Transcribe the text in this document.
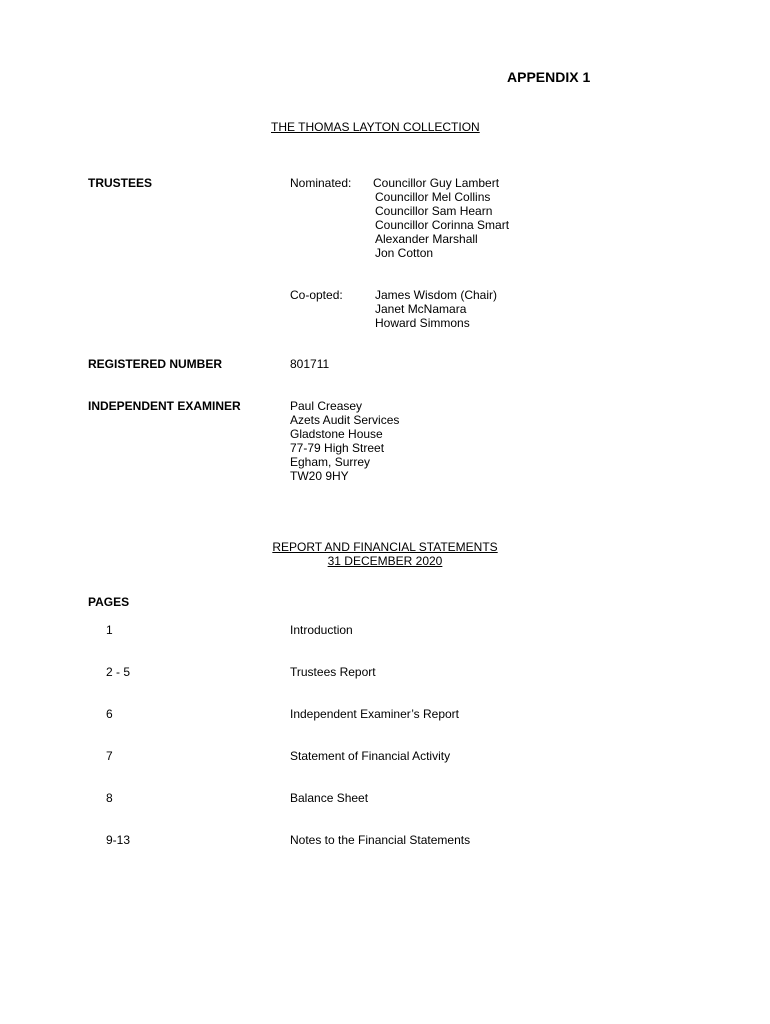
APPENDIX 1
THE THOMAS LAYTON COLLECTION
TRUSTEES	Nominated: Councillor Guy Lambert
Councillor Mel Collins
Councillor Sam Hearn
Councillor Corinna Smart
Alexander Marshall
Jon Cotton
Co-opted:	James Wisdom (Chair)
Janet McNamara
Howard Simmons
REGISTERED NUMBER	801711
INDEPENDENT EXAMINER	Paul Creasey
Azets Audit Services
Gladstone House
77-79 High Street
Egham, Surrey
TW20 9HY
REPORT AND FINANCIAL STATEMENTS
31 DECEMBER 2020
PAGES
1	Introduction
2 - 5	Trustees Report
6	Independent Examiner’s Report
7	Statement of Financial Activity
8	Balance Sheet
9-13	Notes to the Financial Statements
